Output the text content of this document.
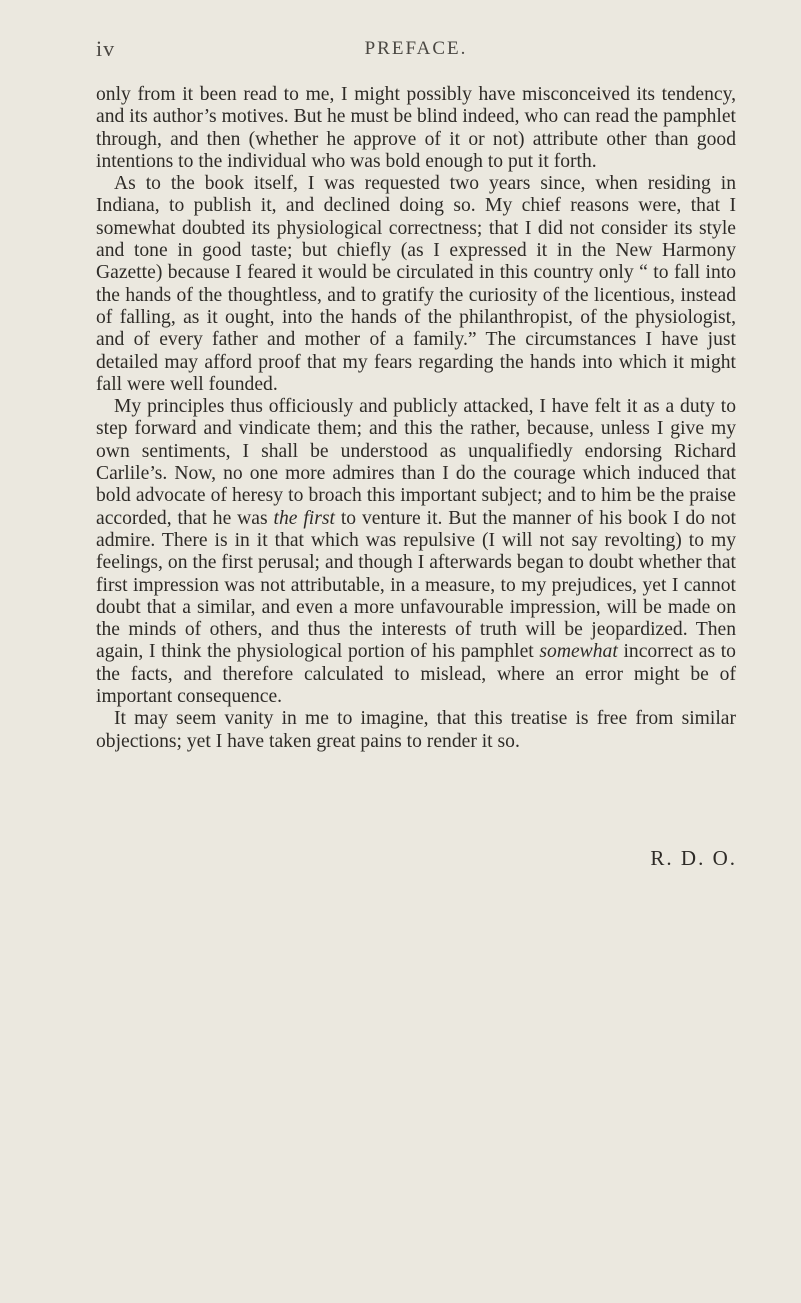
iv	PREFACE.

only from it been read to me, I might possibly have misconceived its tendency, and its author’s motives. But he must be blind indeed, who can read the pamphlet through, and then (whether he approve of it or not) attribute other than good intentions to the individual who was bold enough to put it forth.

As to the book itself, I was requested two years since, when residing in Indiana, to publish it, and declined doing so. My chief reasons were, that I somewhat doubted its physiological correctness; that I did not consider its style and tone in good taste; but chiefly (as I expressed it in the New Harmony Gazette) because I feared it would be circulated in this country only “ to fall into the hands of the thoughtless, and to gratify the curiosity of the licentious, instead of falling, as it ought, into the hands of the philanthropist, of the physiologist, and of every father and mother of a family.” The circumstances I have just detailed may afford proof that my fears regarding the hands into which it might fall were well founded.

My principles thus officiously and publicly attacked, I have felt it as a duty to step forward and vindicate them; and this the rather, because, unless I give my own sentiments, I shall be understood as unqualifiedly endorsing Richard Carlile’s. Now, no one more admires than I do the courage which induced that bold advocate of heresy to broach this important subject; and to him be the praise accorded, that he was the first to venture it. But the manner of his book I do not admire. There is in it that which was repulsive (I will not say revolting) to my feelings, on the first perusal; and though I afterwards began to doubt whether that first impression was not attributable, in a measure, to my prejudices, yet I cannot doubt that a similar, and even a more unfavourable impression, will be made on the minds of others, and thus the interests of truth will be jeopardized. Then again, I think the physiological portion of his pamphlet somewhat incorrect as to the facts, and therefore calculated to mislead, where an error might be of important consequence.

It may seem vanity in me to imagine, that this treatise is free from similar objections; yet I have taken great pains to render it so.

R. D. O.
